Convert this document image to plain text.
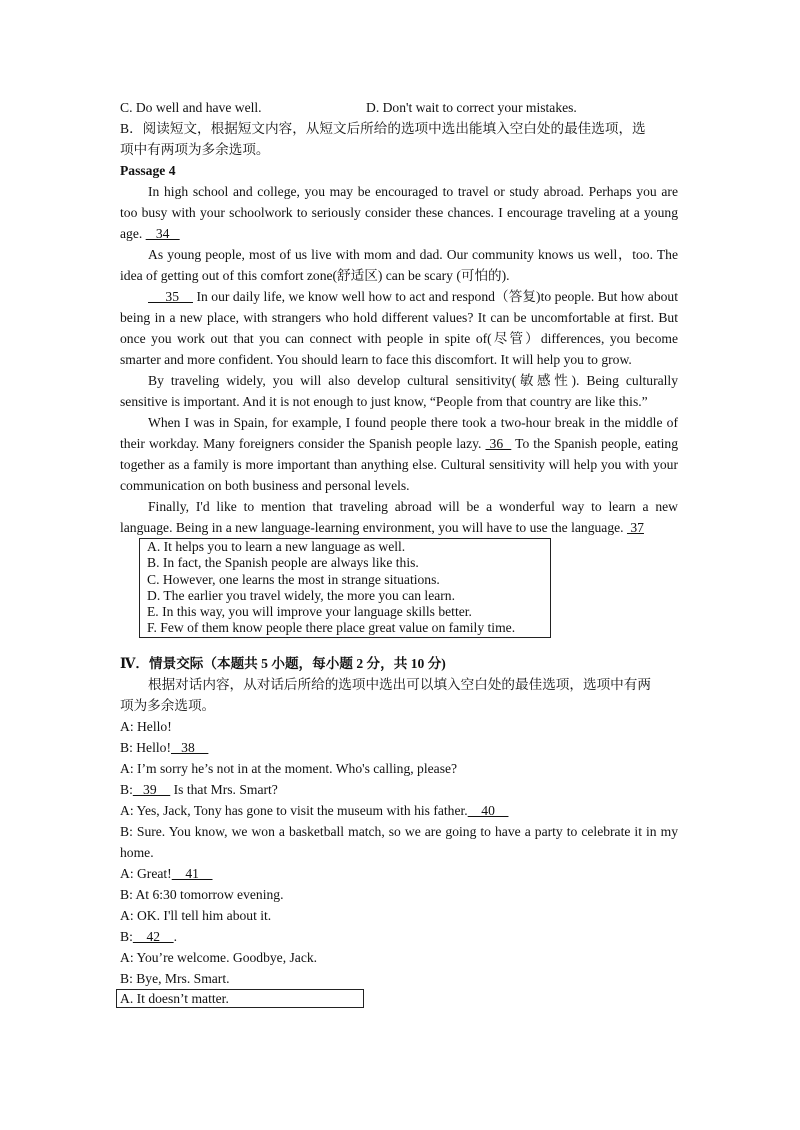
C. Do well and have well.	D. Don't wait to correct your mistakes.
B．阅读短文，根据短文内容，从短文后所给的选项中选出能填入空白处的最佳选项，选
项中有两项为多余选项。
Passage 4
In high school and college, you may be encouraged to travel or study abroad. Perhaps you are too busy with your schoolwork to seriously consider these chances. I encourage traveling at a young age.    34
As young people, most of us live with mom and dad. Our community knows us well，too. The idea of getting out of this comfort zone(舒适区) can be scary (可怕的).
35     In our daily life, we know well how to act and respond（答复)to people. But how about being in a new place, with strangers who hold different values? It can be uncomfortable at first. But once you work out that you can connect with people in spite of(尽管）differences, you become smarter and more confident. You should learn to face this discomfort. It will help you to grow.
By traveling widely, you will also develop cultural sensitivity(敏感性). Being culturally sensitive is important. And it is not enough to just know, “People from that country are like this.”
When I was in Spain, for example, I found people there took a two-hour break in the middle of their workday. Many foreigners consider the Spanish people lazy.  36   To the Spanish people, eating together as a family is more important than anything else. Cultural sensitivity will help you with your communication on both business and personal levels.
Finally, I'd like to mention that traveling abroad will be a wonderful way to learn a new language. Being in a new language-learning environment, you will have to use the language.  37
A. It helps you to learn a new language as well.
B. In fact, the Spanish people are always like this.
C. However, one learns the most in strange situations.
D. The earlier you travel widely, the more you can learn.
E. In this way, you will improve your language skills better.
F. Few of them know people there place great value on family time.
Ⅳ．情景交际（本题共 5 小题，每小题 2 分，共 10 分)
根据对话内容，从对话后所给的选项中选出可以填入空白处的最佳选项，选项中有两
项为多余选项。
A: Hello!
B: Hello!   38
A: I’m sorry he’s not in at the moment. Who's calling, please?
B:   39     Is that Mrs. Smart?
A: Yes, Jack, Tony has gone to visit the museum with his father.    40
B: Sure. You know, we won a basketball match, so we are going to have a party to celebrate it in my home.
A: Great!    41
B: At 6:30 tomorrow evening.
A: OK. I'll tell him about it.
B:    42    .
A: You’re welcome. Goodbye, Jack.
B: Bye, Mrs. Smart.
A. It doesn’t matter.
